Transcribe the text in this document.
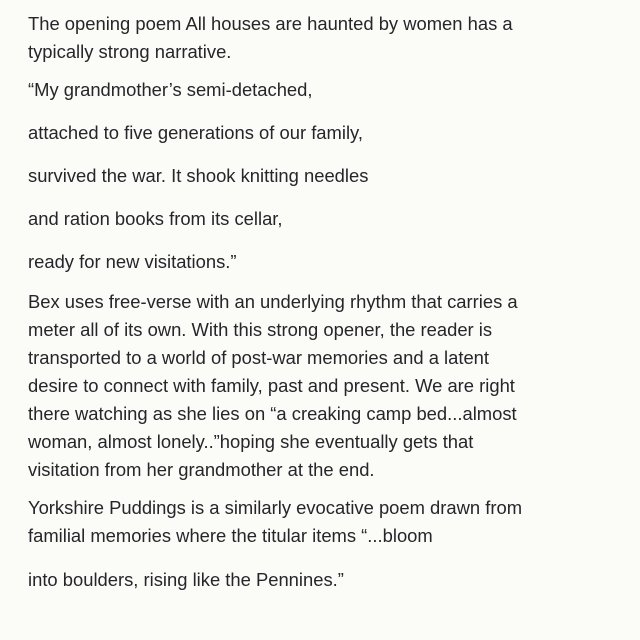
The opening poem All houses are haunted by women has a
typically strong narrative.

“My grandmother’s semi-detached,

attached to five generations of our family,

survived the war. It shook knitting needles

and ration books from its cellar,

ready for new visitations.”

Bex uses free-verse with an underlying rhythm that carries a
meter all of its own. With this strong opener, the reader is
transported to a world of post-war memories and a latent
desire to connect with family, past and present. We are right
there watching as she lies on “a creaking camp bed...almost
woman, almost lonely..”hoping she eventually gets that
visitation from her grandmother at the end.

Yorkshire Puddings is a similarly evocative poem drawn from
familial memories where the titular items “...bloom

into boulders, rising like the Pennines.”
